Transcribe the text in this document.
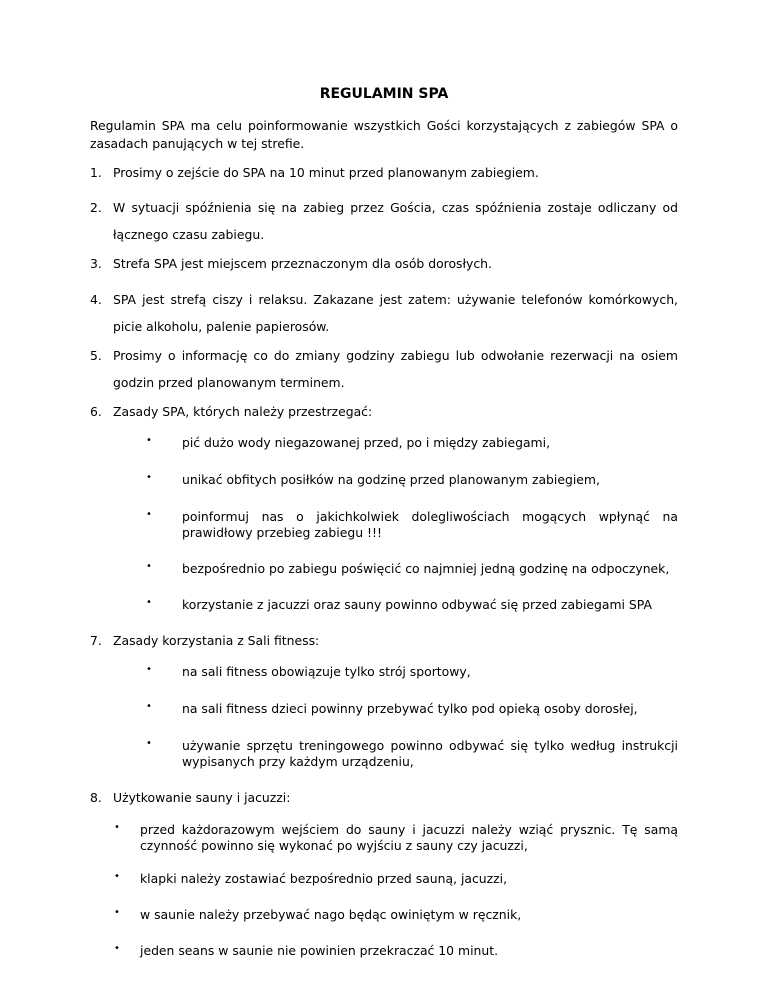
REGULAMIN SPA
Regulamin SPA ma celu poinformowanie wszystkich Gości korzystających z zabiegów SPA o zasadach panujących w tej strefie.
1. Prosimy o zejście do SPA na 10 minut przed planowanym zabiegiem.
2. W sytuacji spóźnienia się na zabieg przez Gościa, czas spóźnienia zostaje odliczany od łącznego czasu zabiegu.
3. Strefa SPA jest miejscem przeznaczonym dla osób dorosłych.
4. SPA jest strefą ciszy i relaksu. Zakazane jest zatem: używanie telefonów komórkowych, picie alkoholu, palenie papierosów.
5. Prosimy o informację co do zmiany godziny zabiegu lub odwołanie rezerwacji na osiem godzin przed planowanym terminem.
6. Zasady SPA, których należy przestrzegać:
• pić dużo wody niegazowanej przed, po i między zabiegami,
• unikać obfitych posiłków na godzinę przed planowanym zabiegiem,
• poinformuj nas o jakichkolwiek dolegliwościach mogących wpłynąć na prawidłowy przebieg zabiegu !!!
• bezpośrednio po zabiegu poświęcić co najmniej jedną godzinę na odpoczynek,
• korzystanie z jacuzzi oraz sauny powinno odbywać się przed zabiegami SPA
7. Zasady korzystania z Sali fitness:
• na sali fitness obowiązuje tylko strój sportowy,
• na sali fitness dzieci powinny przebywać tylko pod opieką osoby dorosłej,
• używanie sprzętu treningowego powinno odbywać się tylko według instrukcji wypisanych przy każdym urządzeniu,
8. Użytkowanie sauny i jacuzzi:
• przed każdorazowym wejściem do sauny i jacuzzi należy wziąć prysznic. Tę samą czynność powinno się wykonać po wyjściu z sauny czy jacuzzi,
• klapki należy zostawiać bezpośrednio przed sauną, jacuzzi,
• w saunie należy przebywać nago będąc owiniętym w ręcznik,
• jeden seans w saunie nie powinien przekraczać 10 minut.
